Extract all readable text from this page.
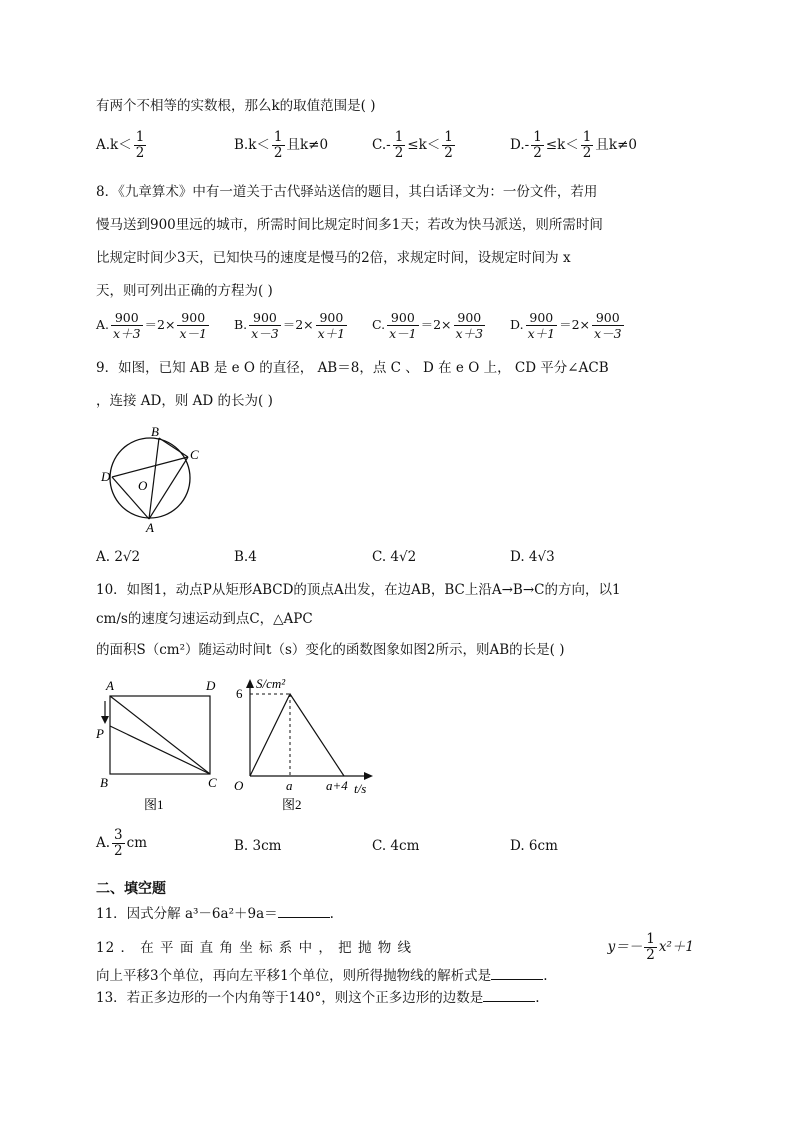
有两个不相等的实数根，那么k的取值范围是( )
$A.k< \frac{1}{2}$	$B.k< \frac{1}{2}$ 且k≠0	$C.- \frac{1}{2} \le k< \frac{1}{2}$	$D.- \frac{1}{2} \le k< \frac{1}{2}$ 且k≠0
8．《九章算术》中有一道关于古代驿站送信的题目，其白话译文为：一份文件，若用
慢马送到900里远的城市，所需时间比规定时间多1天；若改为快马派送，则所需时间
比规定时间少3天，已知快马的速度是慢马的2倍，求规定时间，设规定时间为 x
天，则可列出正确的方程为( )
A. $\frac{900}{x+3} =2\times \frac{900}{x-1} B$. $\frac{900}{x-3} =2\times \frac{900}{x+1} C$. $\frac{900}{x-1} =2\times \frac{900}{x+3} D$. $\frac{900}{x+1} =2\times \frac{900}{x-3}$
9．如图，已知 AB 是 e O 的直径， AB＝8，点 C 、 D 在 e O 上， CD 平分∠ACB
，连接 AD，则 AD 的长为( )
B
C
D
O
A
A. 2√2	B.4	C. 4√2	D. 4√3
10．如图1，动点P从矩形ABCD的顶点A出发，在边AB，BC上沿A→B→C的方向，以1
cm/s的速度匀速运动到点C，△APC
的面积S（cm²）随运动时间t（s）变化的函数图象如图2所示，则AB的长是( )
A	D
P
B	C
图1
S/cm²
6
O	a	a+4 t/s
图2
A. $\frac{3}{2}$ cm	B. 3cm	C. 4cm	D. 6cm
二、填空题
11．因式分解 a³－6a²＋9a＝	.
12 ． 在 平 面 直 角 坐 标 系 中 ， 把 抛 物 线	$y=- \frac{1}{2} x^2+1$
向上平移3个单位，再向左平移1个单位，则所得抛物线的解析式是	.
13．若正多边形的一个内角等于140°，则这个正多边形的边数是	.
